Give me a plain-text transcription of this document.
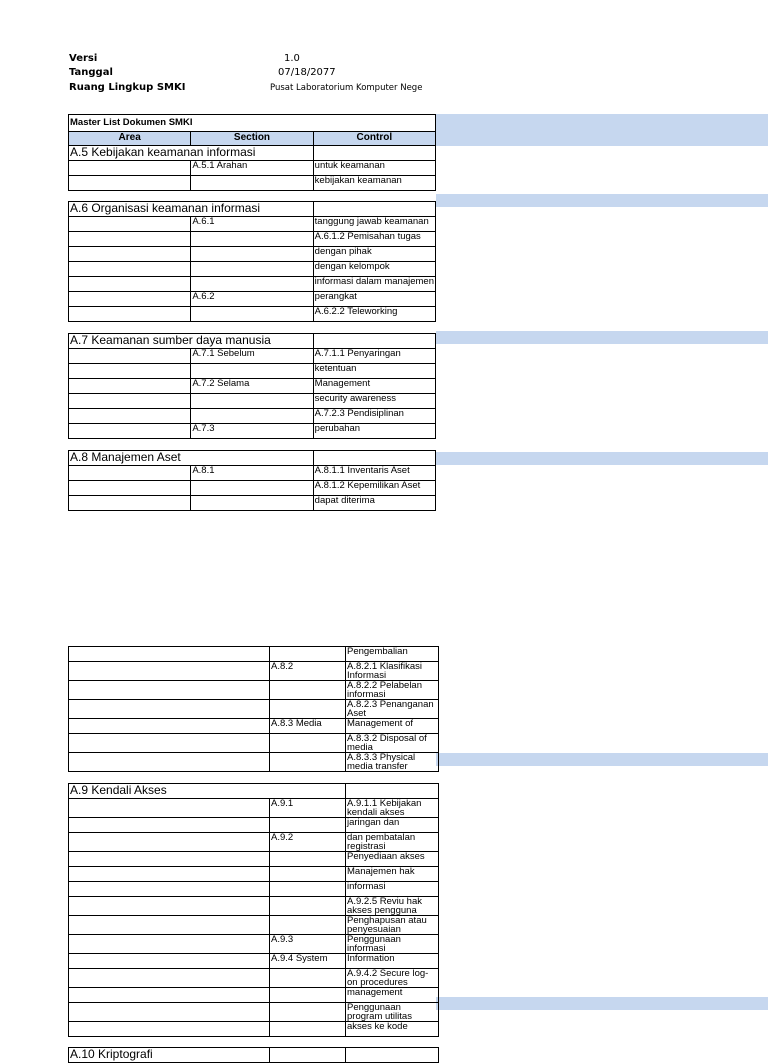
Versi	1.0
Tanggal	07/18/2077
Ruang Lingkup SMKI	Pusat Laboratorium Komputer Nege
Master List Dokumen SMKI		
Area	Section	Control
A.5 Kebijakan keamanan informasi		
	A.5.1 Arahan	untuk keamanan
		kebijakan keamanan

A.6 Organisasi keamanan informasi		
	A.6.1	tanggung jawab keamanan
		A.6.1.2 Pemisahan tugas
		dengan pihak
		dengan kelompok
		informasi dalam manajemen
	A.6.2	perangkat
		A.6.2.2 Teleworking

A.7 Keamanan sumber daya manusia		
	A.7.1 Sebelum	A.7.1.1 Penyaringan
		ketentuan
	A.7.2 Selama	Management
		security awareness
		A.7.2.3 Pendisiplinan
	A.7.3	perubahan

A.8 Manajemen Aset		
	A.8.1	A.8.1.1 Inventaris Aset
		A.8.1.2 Kepemilikan Aset
		dapat diterima
		Pengembalian
	A.8.2	A.8.2.1 Klasifikasi Informasi
		A.8.2.2 Pelabelan informasi
		A.8.2.3 Penanganan Aset
	A.8.3 Media	Management of
		A.8.3.2 Disposal of media
		A.8.3.3 Physical media transfer

A.9 Kendali Akses		
	A.9.1	A.9.1.1 Kebijakan kendali akses
		jaringan dan
	A.9.2	dan pembatalan registrasi
		Penyediaan akses
		Manajemen hak
		informasi
		A.9.2.5 Reviu hak akses pengguna
		Penghapusan atau penyesuaian
	A.9.3	Penggunaan informasi
	A.9.4 System	Information
		A.9.4.2 Secure log-on procedures
		management
		Penggunaan program utilitas
		akses ke kode

A.10 Kriptografi		
